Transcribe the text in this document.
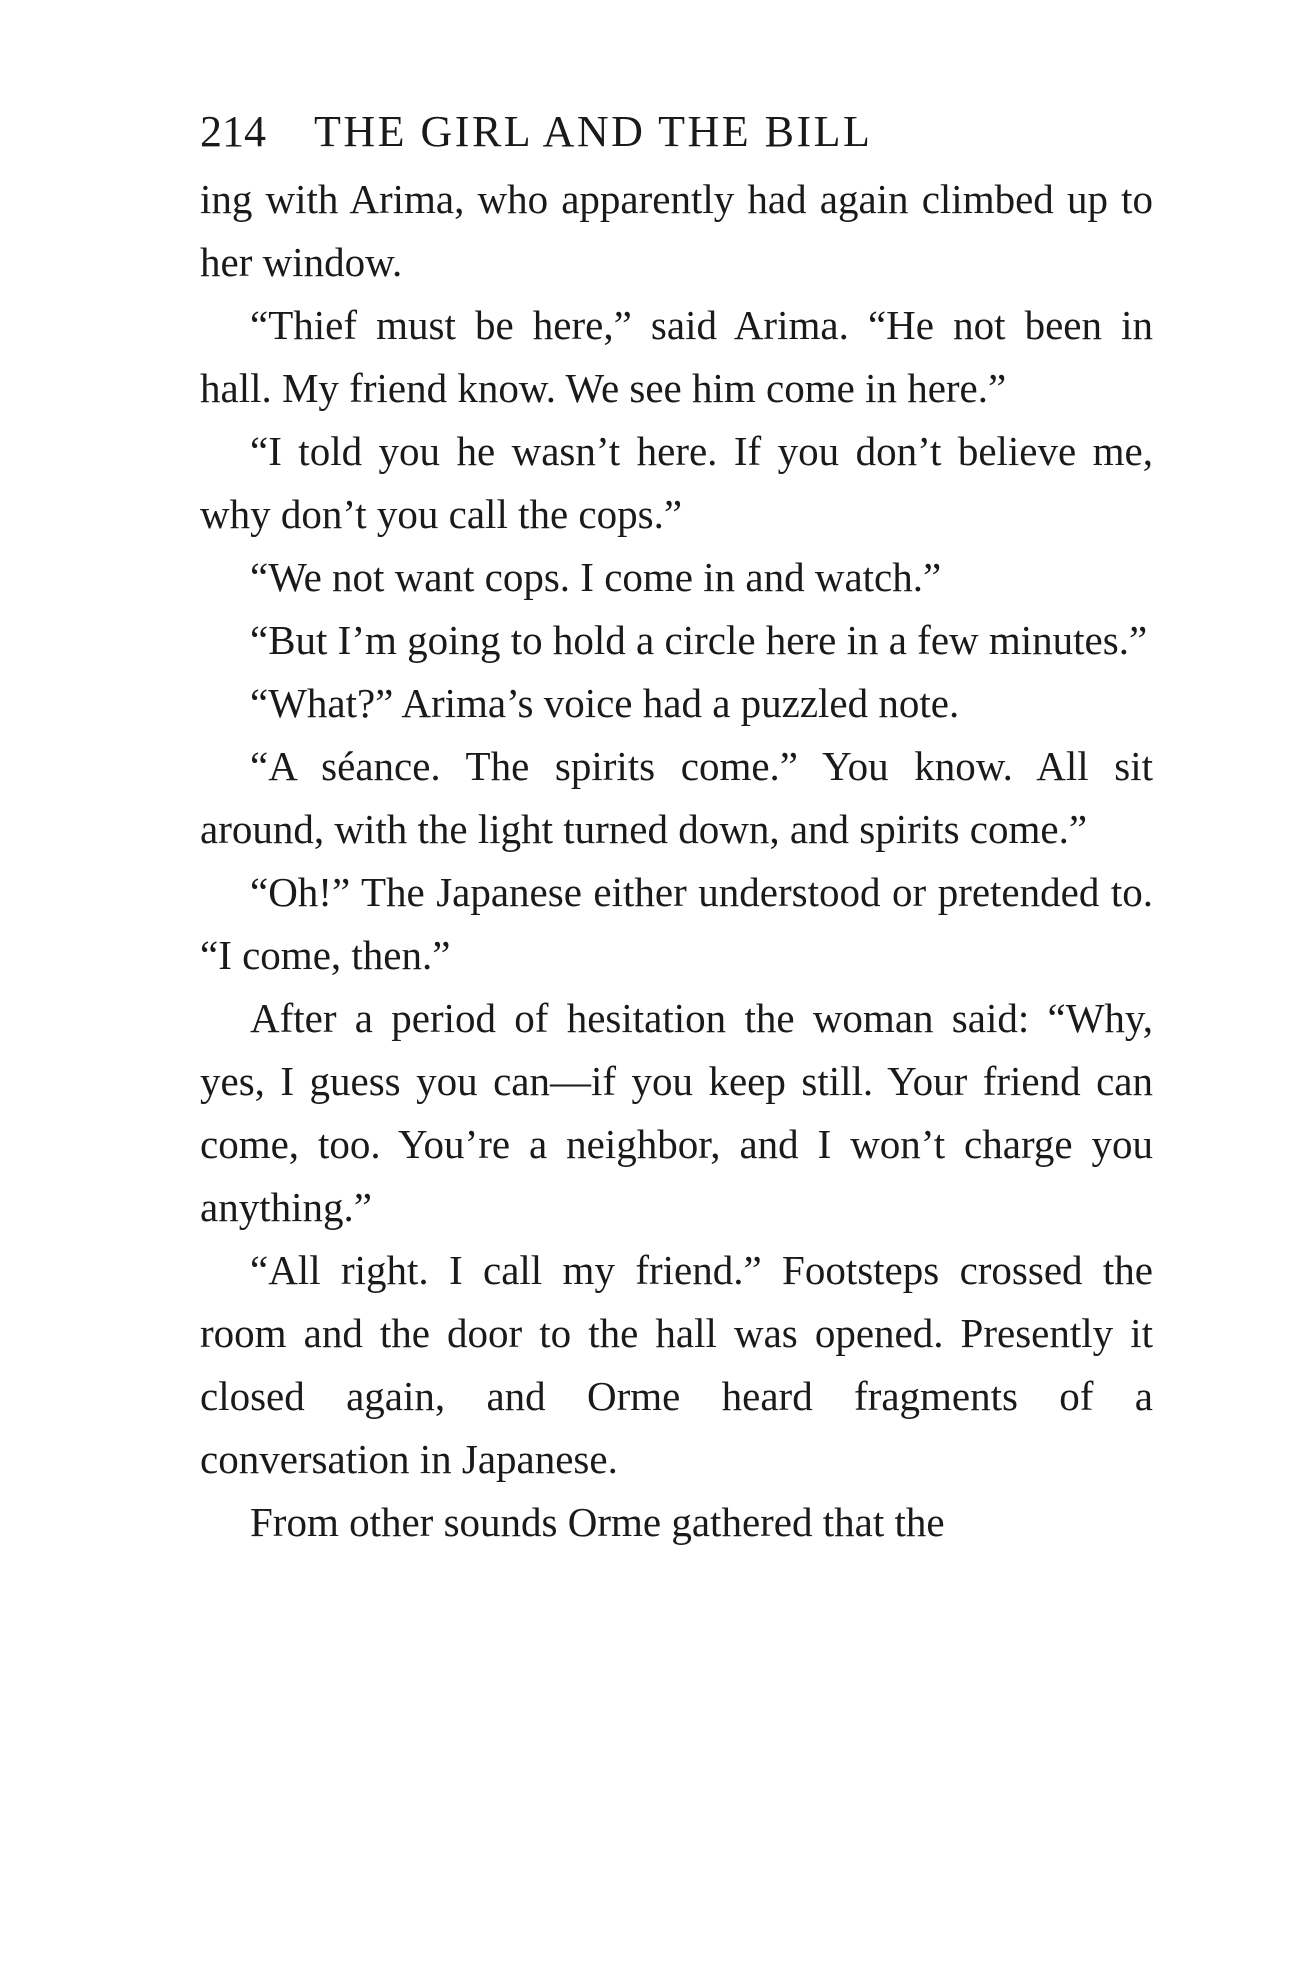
214 THE GIRL AND THE BILL

ing with Arima, who apparently had again climbed up to her window.

“Thief must be here,” said Arima. “He not been in hall. My friend know. We see him come in here.”

“I told you he wasn’t here. If you don’t believe me, why don’t you call the cops.”

“We not want cops. I come in and watch.”

“But I’m going to hold a circle here in a few minutes.”

“What?” Arima’s voice had a puzzled note.

“A séance. The spirits come.” You know. All sit around, with the light turned down, and spirits come.”

“Oh!” The Japanese either understood or pretended to. “I come, then.”

After a period of hesitation the woman said: “Why, yes, I guess you can—if you keep still. Your friend can come, too. You’re a neighbor, and I won’t charge you anything.”

“All right. I call my friend.” Footsteps crossed the room and the door to the hall was opened. Presently it closed again, and Orme heard fragments of a conversation in Japanese.

From other sounds Orme gathered that the
